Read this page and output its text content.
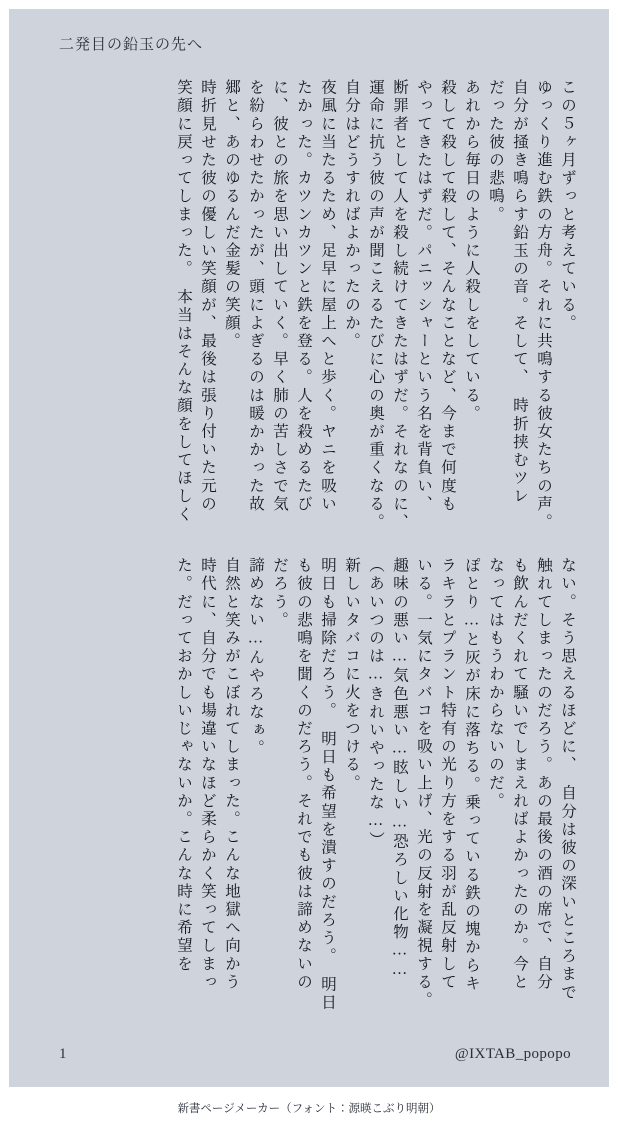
二発目の鉛玉の先へ
この５ヶ月ずっと考えている。
ゆっくり進む鉄の方舟。それに共鳴する彼女たちの声。
自分が掻き鳴らす鉛玉の音。そして、　時折挟むツレ
だった彼の悲鳴。
あれから毎日のように人殺しをしている。
殺して殺して殺して、そんなことなど、今まで何度も
やってきたはずだ。パニッシャーという名を背負い、
断罪者として人を殺し続けてきたはずだ。それなのに、
運命に抗う彼の声が聞こえるたびに心の奥が重くなる。
自分はどうすればよかったのか。
夜風に当たるため、足早に屋上へと歩く。ヤニを吸い
たかった。カツンカツンと鉄を登る。人を殺めるたび
に、彼との旅を思い出していく。早く肺の苦しさで気
を紛らわせたかったが、頭によぎるのは暖かかった故
郷と、あのゆるんだ金髪の笑顔。
時折見せた彼の優しい笑顔が、最後は張り付いた元の
笑顔に戻ってしまった。　本当はそんな顔をしてほしく
ない。そう思えるほどに、　自分は彼の深いところまで
触れてしまったのだろう。あの最後の酒の席で、自分
も飲んだくれて騒いでしまえればよかったのか。今と
なってはもうわからないのだ。
ぽとり…と灰が床に落ちる。乗っている鉄の塊からキ
ラキラとプラント特有の光り方をする羽が乱反射して
いる。一気にタバコを吸い上げ、光の反射を凝視する。
趣味の悪い…気色悪い…眩しい…恐ろしい化物……
（あいつのは…きれいやったな…）
新しいタバコに火をつける。
明日も掃除だろう。　明日も希望を潰すのだろう。　明日
も彼の悲鳴を聞くのだろう。それでも彼は諦めないの
だろう。
諦めない…んやろなぁ。
自然と笑みがこぼれてしまった。こんな地獄へ向かう
時代に、自分でも場違いなほど柔らかく笑ってしまっ
た。だっておかしいじゃないか。こんな時に希望を
1	@IXTAB_popopo
新書ページメーカー（フォント：源暎こぶり明朝）
